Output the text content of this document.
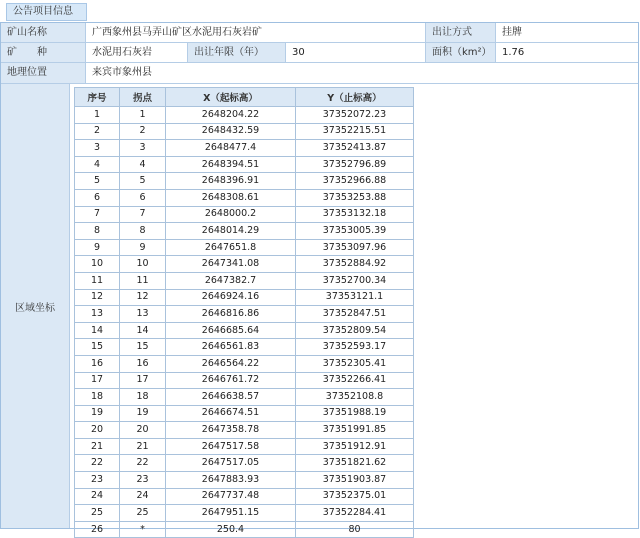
公告项目信息
矿山名称	广西象州县马弄山矿区水泥用石灰岩矿	出让方式	挂牌
矿　　种	水泥用石灰岩	出让年限（年）	30	面积（km²）	1.76
地理位置	来宾市象州县
区域坐标
序号	拐点	X（起标高）	Y（止标高）
1	1	2648204.22	37352072.23
2	2	2648432.59	37352215.51
3	3	2648477.4	37352413.87
4	4	2648394.51	37352796.89
5	5	2648396.91	37352966.88
6	6	2648308.61	37353253.88
7	7	2648000.2	37353132.18
8	8	2648014.29	37353005.39
9	9	2647651.8	37353097.96
10	10	2647341.08	37352884.92
11	11	2647382.7	37352700.34
12	12	2646924.16	37353121.1
13	13	2646816.86	37352847.51
14	14	2646685.64	37352809.54
15	15	2646561.83	37352593.17
16	16	2646564.22	37352305.41
17	17	2646761.72	37352266.41
18	18	2646638.57	37352108.8
19	19	2646674.51	37351988.19
20	20	2647358.78	37351991.85
21	21	2647517.58	37351912.91
22	22	2647517.05	37351821.62
23	23	2647883.93	37351903.87
24	24	2647737.48	37352375.01
25	25	2647951.15	37352284.41
26	*	250.4	80
